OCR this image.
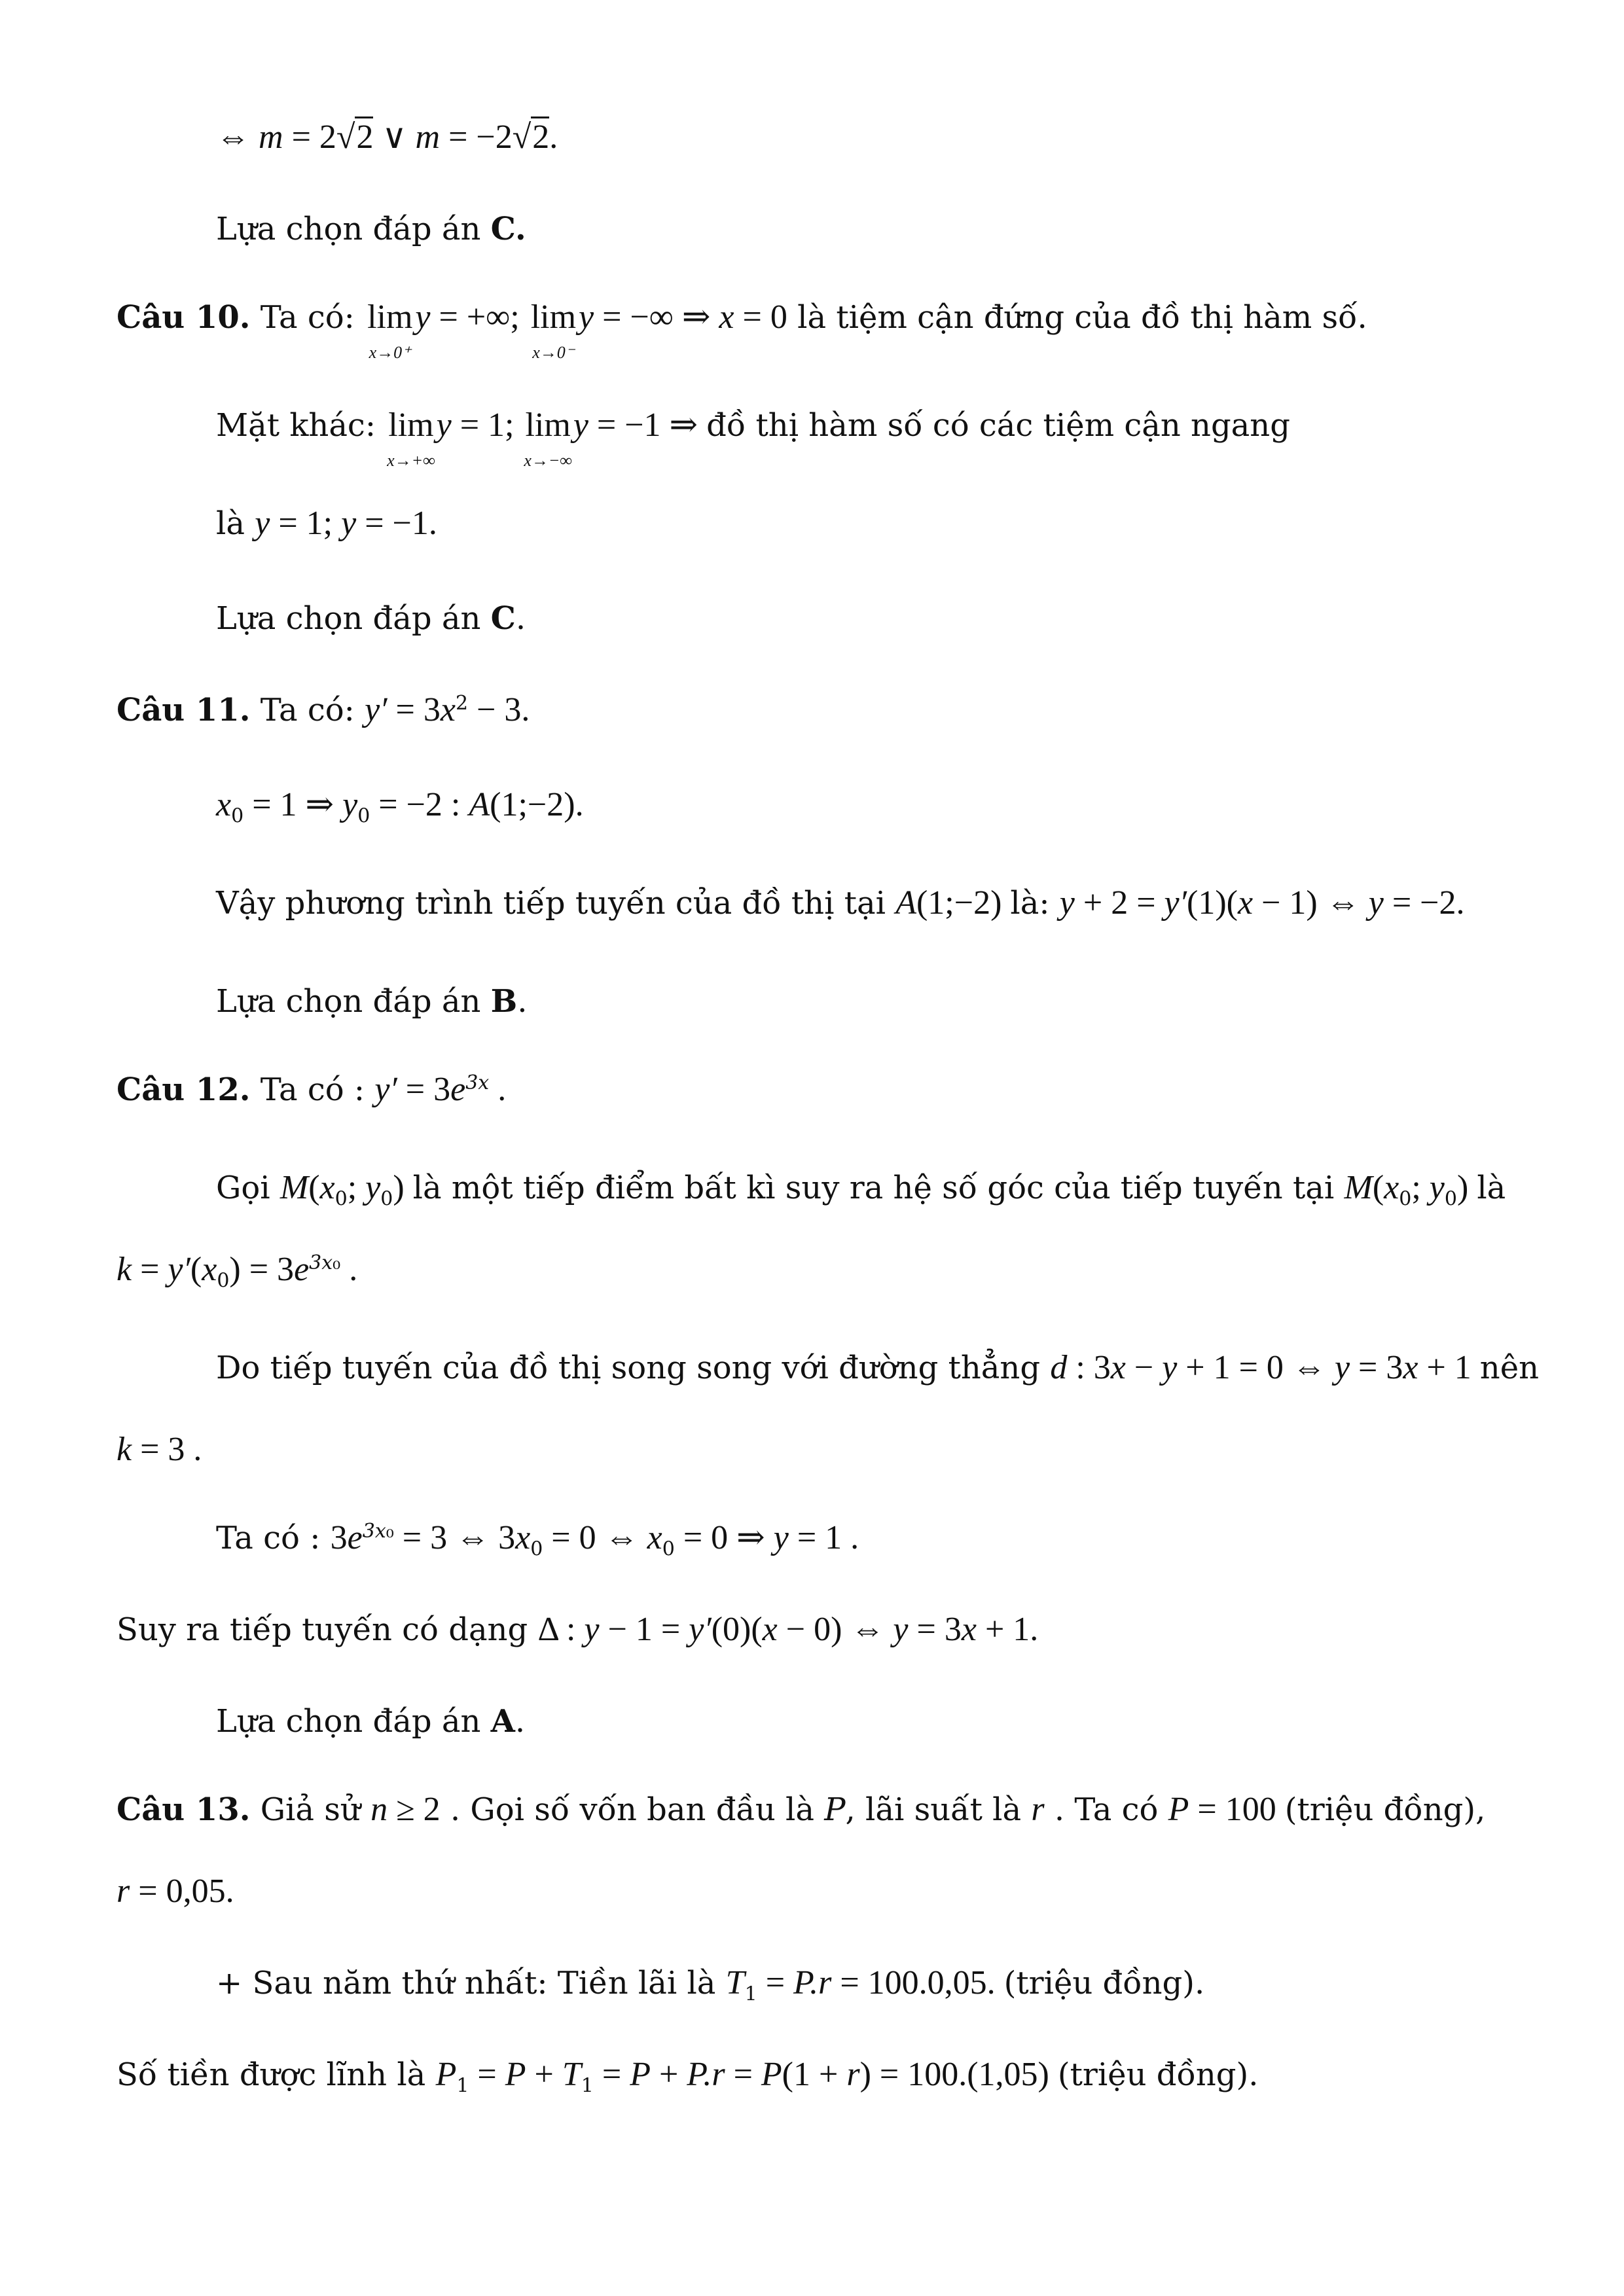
⇔ m = 2√2 ∨ m = −2√2.
Lựa chọn đáp án C.
Câu 10. Ta có: lim
x→0⁺
y = +∞; lim
x→0⁻
y = −∞ ⇒ x = 0 là tiệm cận đứng của đồ thị hàm số.
Mặt khác: lim
x→+∞
y = 1; lim
x→−∞
y = −1 ⇒ đồ thị hàm số có các tiệm cận ngang
là y = 1; y = −1.
Lựa chọn đáp án C.
Câu 11. Ta có: $y' = 3x^2 - 3$.
$x_0 = 1$ ⇒ $y_0 = -2$ : A(1;−2).
Vậy phương trình tiếp tuyến của đồ thị tại A(1;−2) là: y + 2 = y′(1)(x − 1) ⇔ y = −2.
Lựa chọn đáp án B.
Câu 12. Ta có : $y' = 3e^{3x}$ .
Gọi $M(x_0$; $y_0$) là một tiếp điểm bất kì suy ra hệ số góc của tiếp tuyến tại $M(x_0$; $y_0$) là
$k = y'(x_0) = 3e^{3x_0}$ .
Do tiếp tuyến của đồ thị song song với đường thẳng d : 3x − y + 1 = 0 ⇔ y = 3x + 1 nên
k = 3 .
Ta có : $3e^{3x_0} = 3$ ⇔ $3x_0 = 0$ ⇔ $x_0 = 0$ ⇒ y = 1 .
Suy ra tiếp tuyến có dạng Δ : y − 1 = y′(0)(x − 0) ⇔ y = 3x + 1.
Lựa chọn đáp án A.
Câu 13. Giả sử n ≥ 2 . Gọi số vốn ban đầu là P, lãi suất là r . Ta có P = 100 (triệu đồng),
r = 0,05.
+ Sau năm thứ nhất: Tiền lãi là $T_1 = P.r = 100.0,05$. (triệu đồng).
Số tiền được lĩnh là $P_1 = P + T_1 = P + P.r = P(1 + r) = 100.(1,05)$ (triệu đồng).
